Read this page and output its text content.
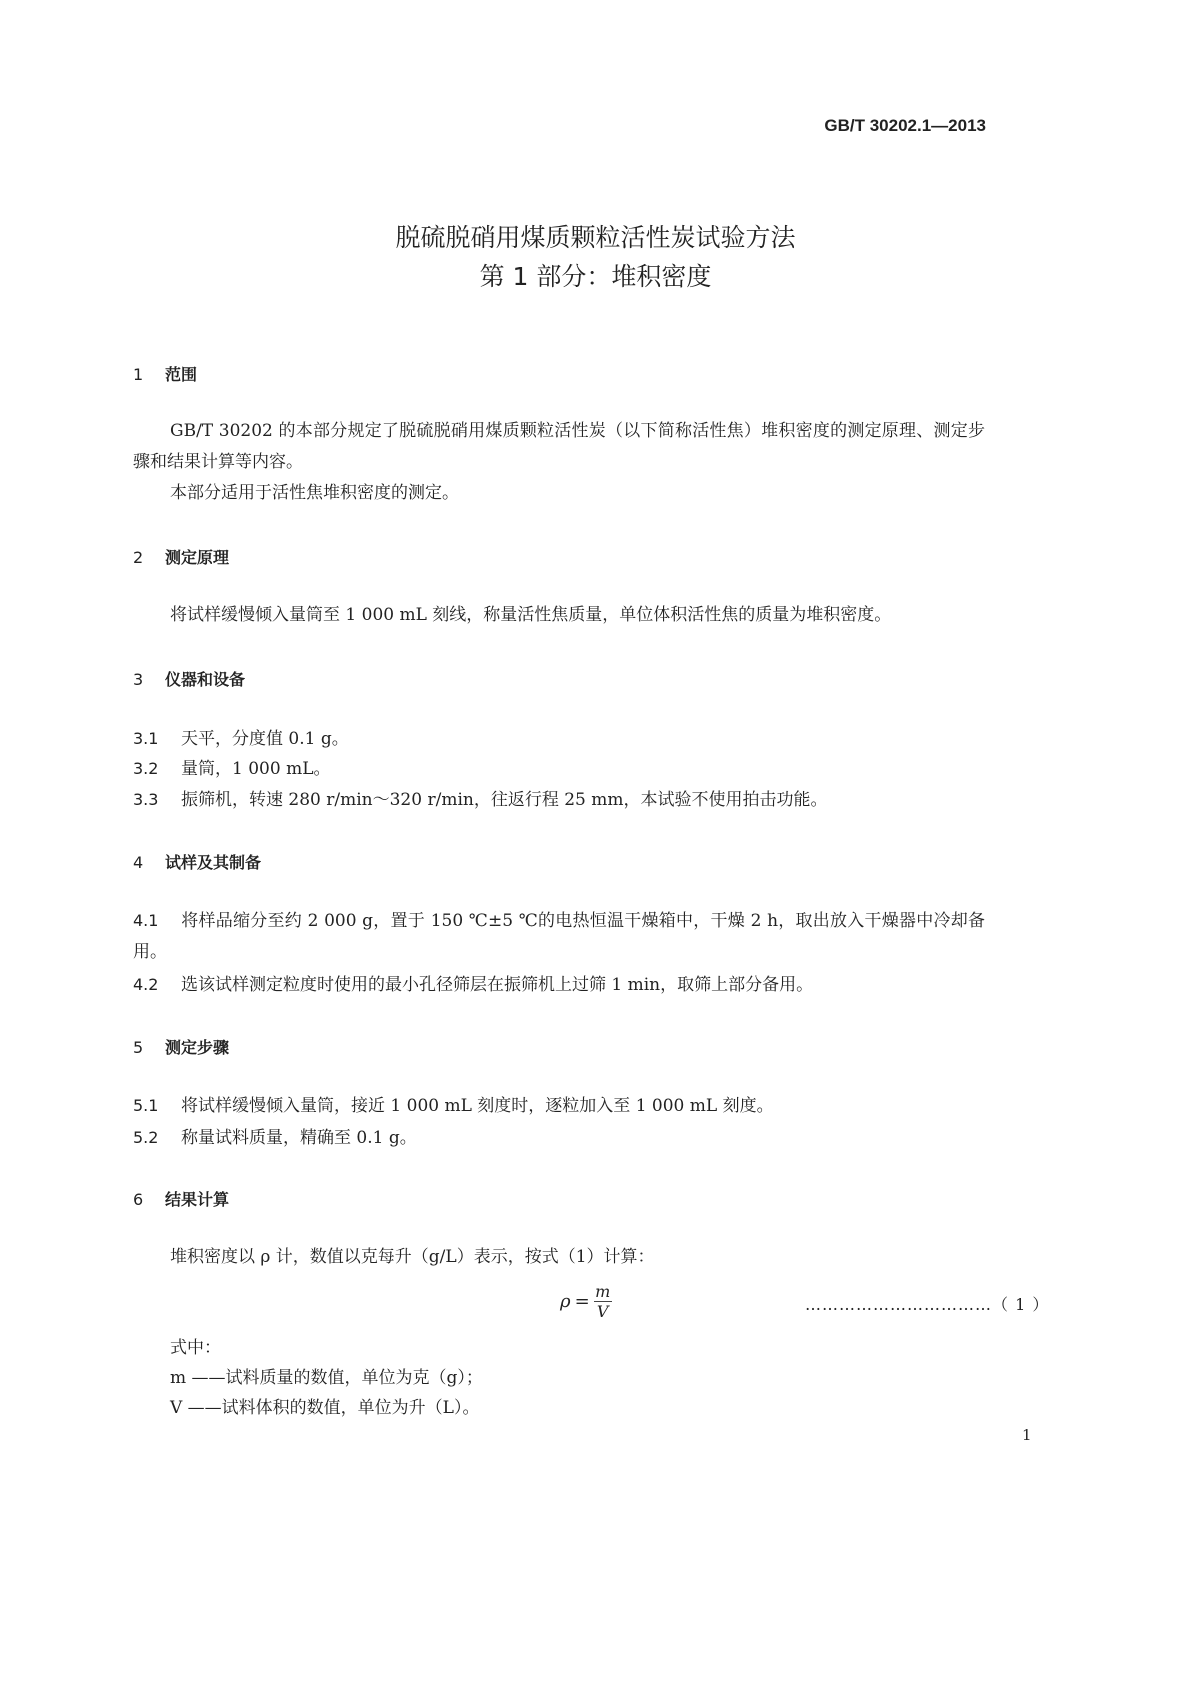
GB/T 30202.1—2013
脱硫脱硝用煤质颗粒活性炭试验方法
第 1 部分：堆积密度
1 范围
GB/T 30202 的本部分规定了脱硫脱硝用煤质颗粒活性炭（以下简称活性焦）堆积密度的测定原理、测定步骤和结果计算等内容。
本部分适用于活性焦堆积密度的测定。
2 测定原理
将试样缓慢倾入量筒至 1 000 mL 刻线，称量活性焦质量，单位体积活性焦的质量为堆积密度。
3 仪器和设备
3.1 天平，分度值 0.1 g。
3.2 量筒，1 000 mL。
3.3 振筛机，转速 280 r/min～320 r/min，往返行程 25 mm，本试验不使用拍击功能。
4 试样及其制备
4.1 将样品缩分至约 2 000 g，置于 150 ℃±5 ℃的电热恒温干燥箱中，干燥 2 h，取出放入干燥器中冷却备用。
4.2 选该试样测定粒度时使用的最小孔径筛层在振筛机上过筛 1 min，取筛上部分备用。
5 测定步骤
5.1 将试样缓慢倾入量筒，接近 1 000 mL 刻度时，逐粒加入至 1 000 mL 刻度。
5.2 称量试料质量，精确至 0.1 g。
6 结果计算
堆积密度以 ρ 计，数值以克每升（g/L）表示，按式（1）计算：
$\rho = \frac{m}{V}$	……………………………（ 1 ）
式中：
m ——试料质量的数值，单位为克（g）；
V ——试料体积的数值，单位为升（L）。
1
